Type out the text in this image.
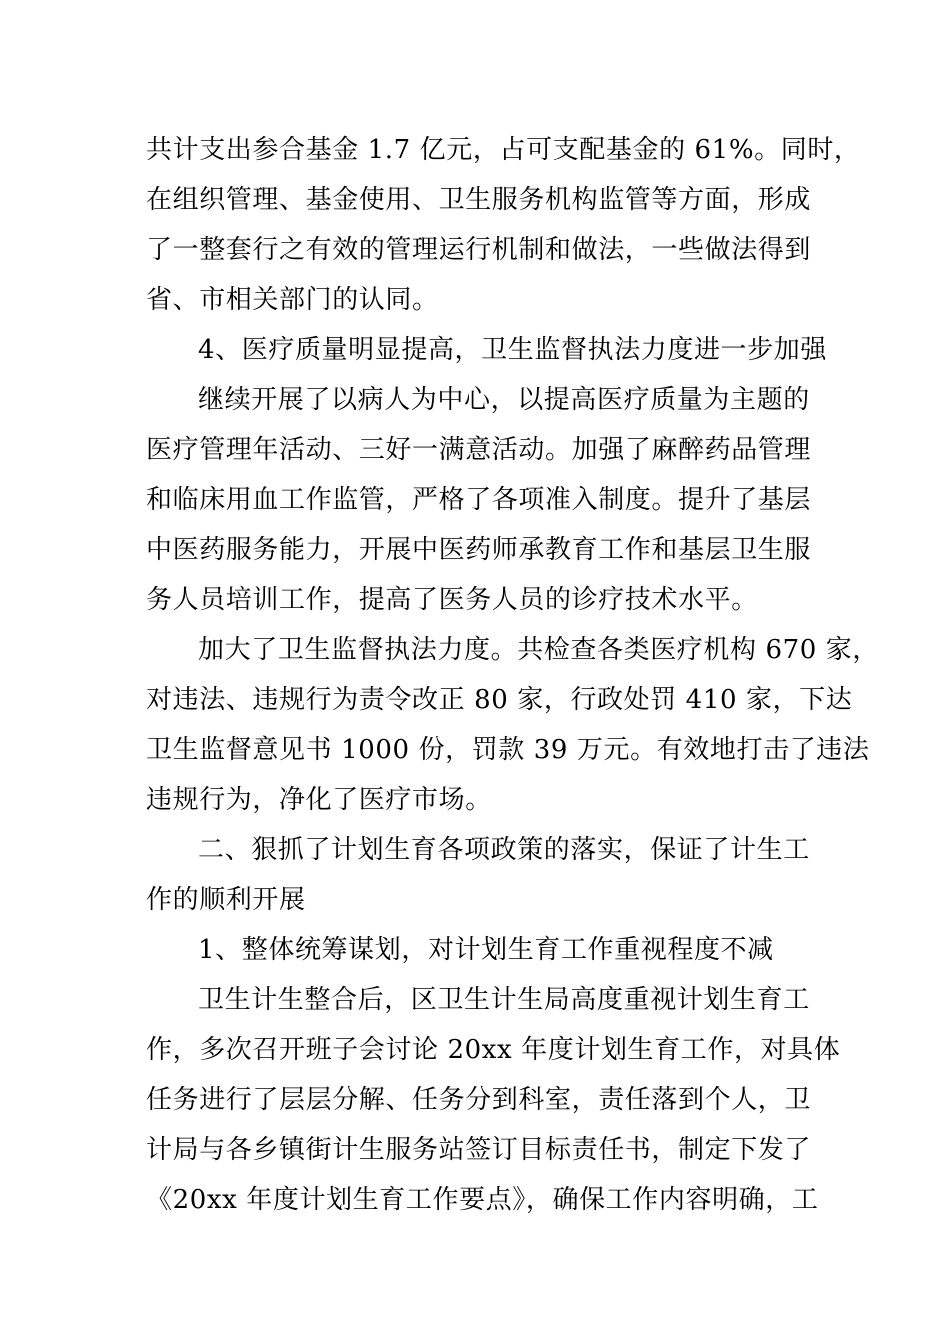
共计支出参合基金 1.7 亿元，占可支配基金的 61%。同时，
在组织管理、基金使用、卫生服务机构监管等方面，形成
了一整套行之有效的管理运行机制和做法，一些做法得到
省、市相关部门的认同。
4、医疗质量明显提高，卫生监督执法力度进一步加强
继续开展了以病人为中心，以提高医疗质量为主题的
医疗管理年活动、三好一满意活动。加强了麻醉药品管理
和临床用血工作监管，严格了各项准入制度。提升了基层
中医药服务能力，开展中医药师承教育工作和基层卫生服
务人员培训工作，提高了医务人员的诊疗技术水平。
加大了卫生监督执法力度。共检查各类医疗机构 670 家，
对违法、违规行为责令改正 80 家，行政处罚 410 家，下达
卫生监督意见书 1000 份，罚款 39 万元。有效地打击了违法
违规行为，净化了医疗市场。
二、狠抓了计划生育各项政策的落实，保证了计生工
作的顺利开展
1、整体统筹谋划，对计划生育工作重视程度不减
卫生计生整合后，区卫生计生局高度重视计划生育工
作，多次召开班子会讨论 20xx 年度计划生育工作，对具体
任务进行了层层分解、任务分到科室，责任落到个人，卫
计局与各乡镇街计生服务站签订目标责任书，制定下发了
《20xx 年度计划生育工作要点》，确保工作内容明确，工
